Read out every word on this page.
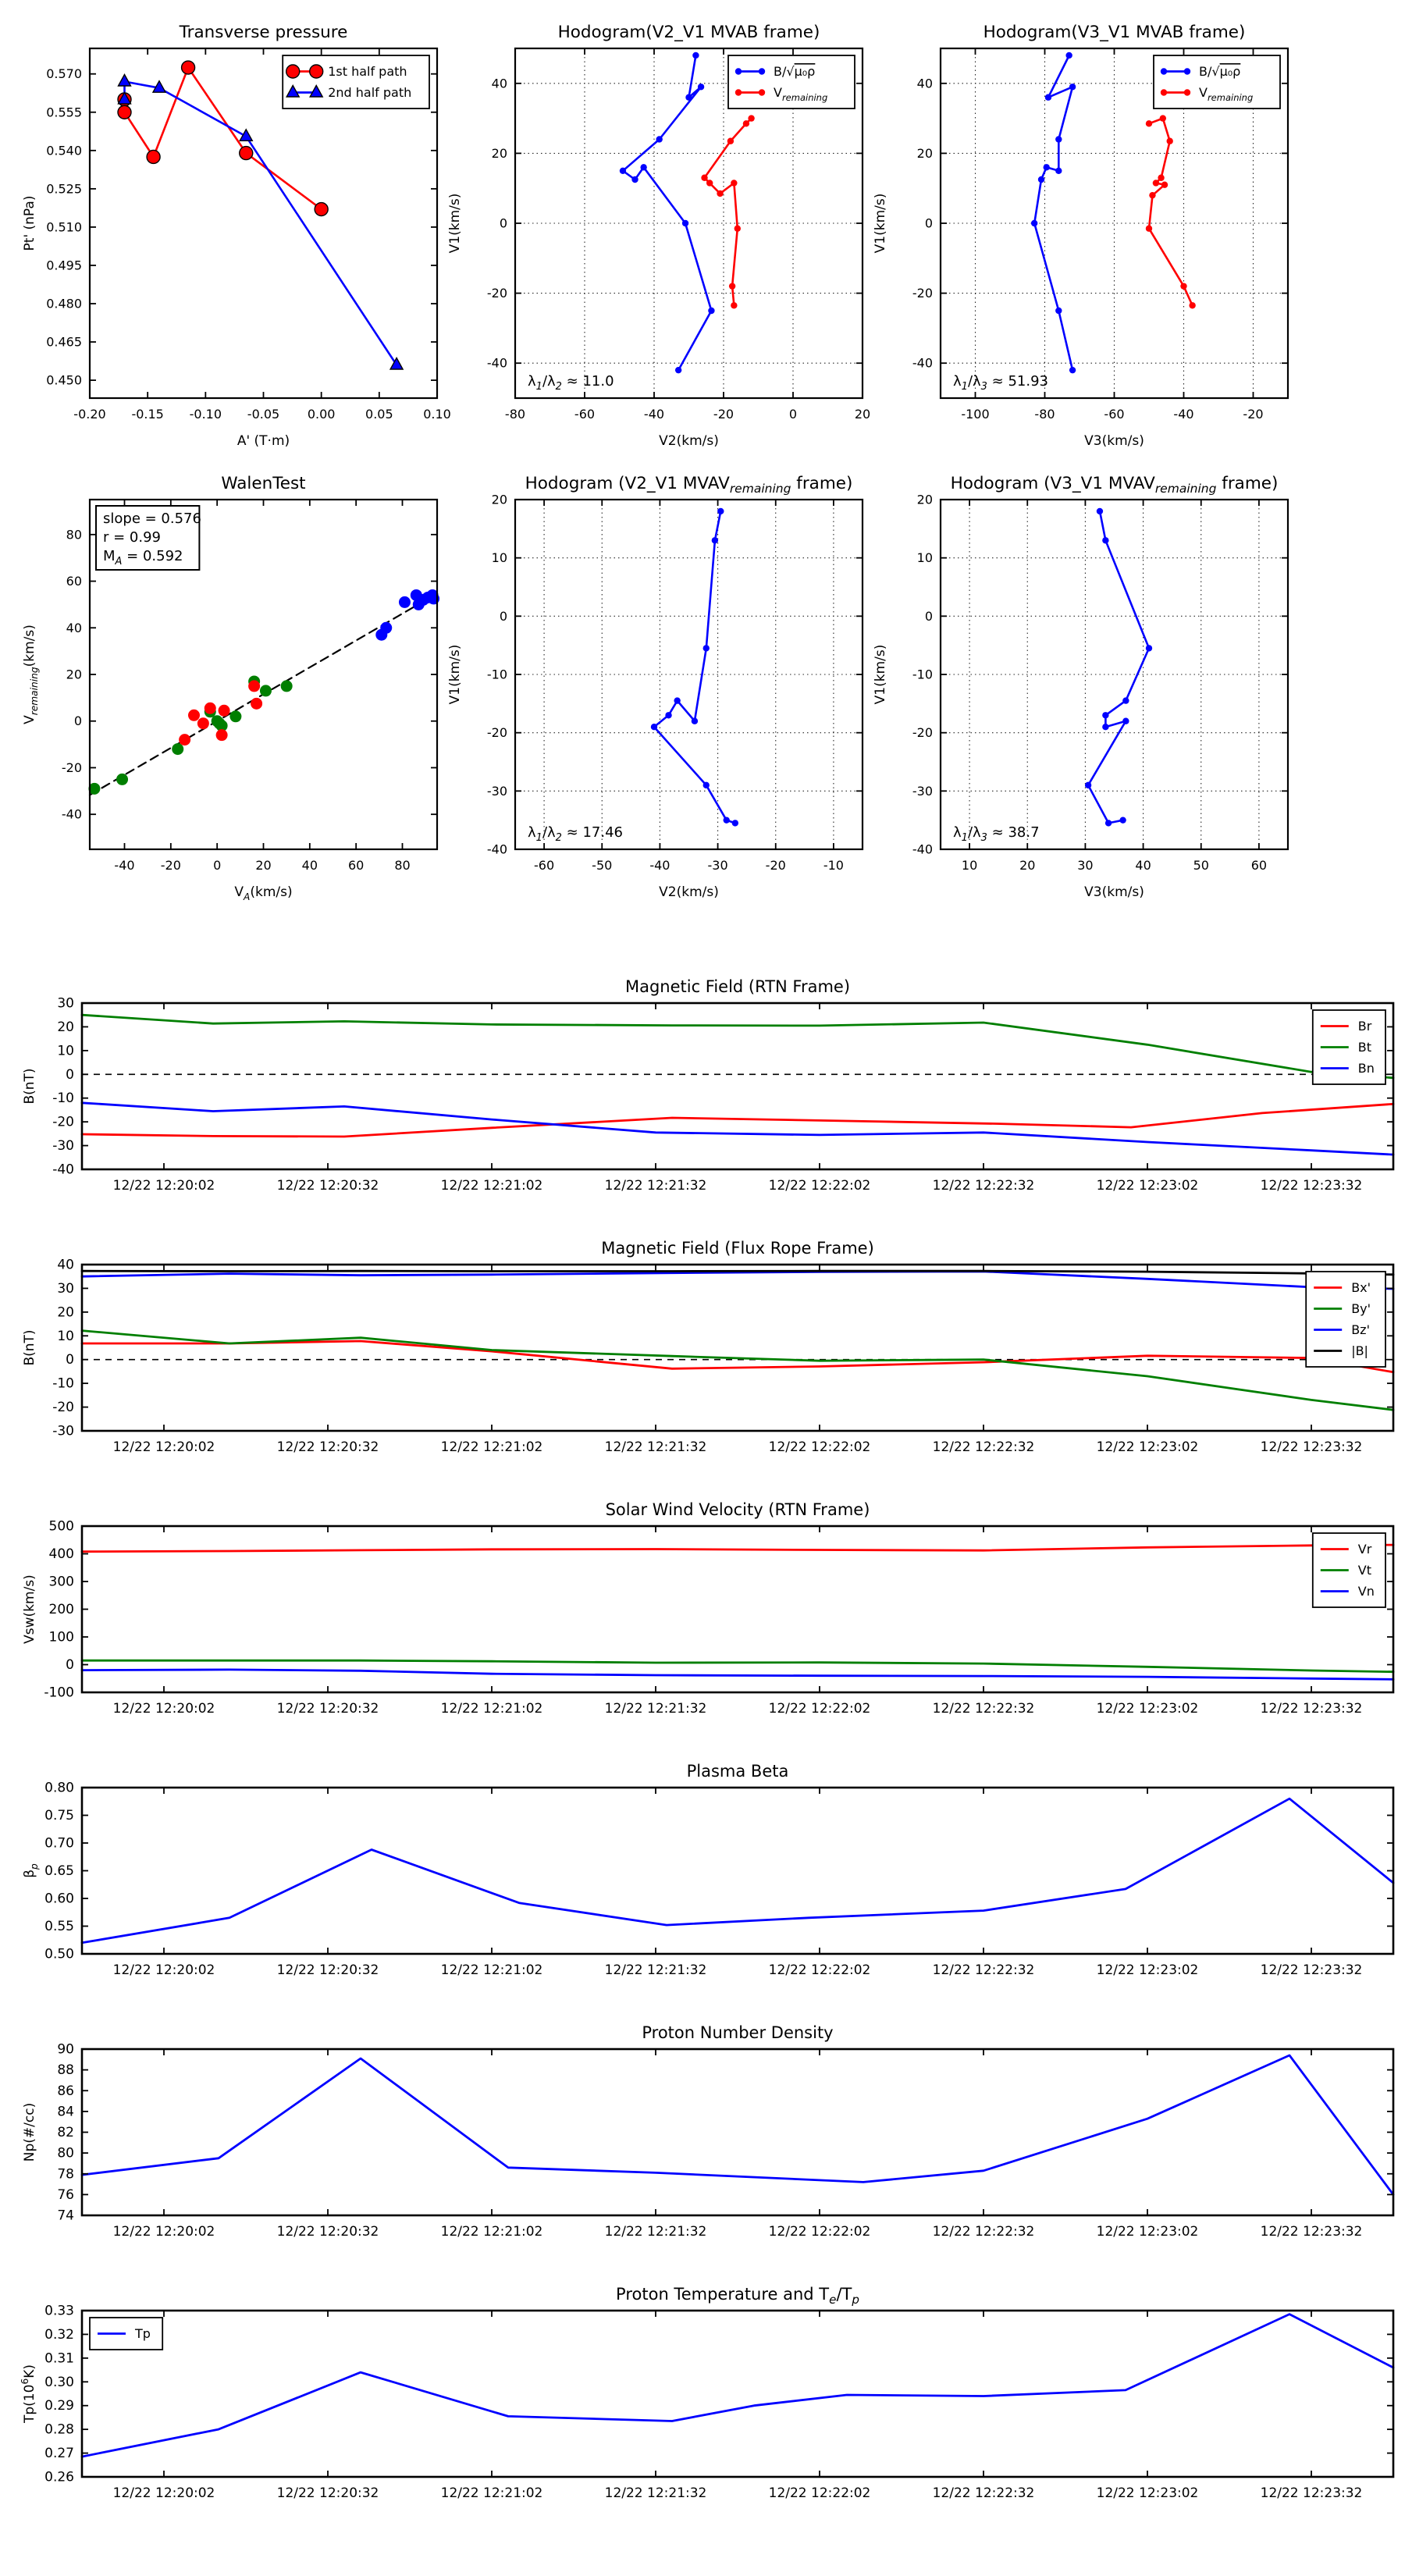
-0.20 -0.15 -0.10 -0.05 0.00 0.05 0.10
0.450
0.465
0.480
0.495
0.510
0.525
0.540
0.555
0.570
Transverse pressure
A' (T·m)
Pt' (nPa)
1st half path
2nd half path
-80	-60	-40	-20	0	20
-40
-20
0
20
40
Hodogram(V2_V1 MVAB frame)
V2(km/s)
V1(km/s)
B/√μ₀ρ
$V_{remaining}$
$\lambda_1/\lambda_2 \approx 11.0$
-100	-80	-60	-40	-20
-40
-20
0
20
40
Hodogram(V3_V1 MVAB frame)
V3(km/s)
V1(km/s)
B/√μ₀ρ
$V_{remaining}$
$\lambda_1/\lambda_3 \approx 51.93$
-40 -20	0	20 40 60 80
-40
-20
0
20
40
60
80
WalenTest
$V_A(km/s)$
$V_{remaining}(km/s)$
slope = 0.576
r = 0.99
$M_A = 0.592$
-60	-50	-40	-30	-20	-10
-40
-30
-20
-10
0
10
20
Hodogram (V2_V1 $MVAV_{remaining}$ frame)
V2(km/s)
V1(km/s)
$\lambda_1/\lambda_2 \approx 17.46$
10	20	30	40	50	60
-40
-30
-20
-10
0
10
20
Hodogram (V3_V1 $MVAV_{remaining}$ frame)
V3(km/s)
V1(km/s)
$\lambda_1/\lambda_3 \approx 38.7$
12/22 12:20:02	12/22 12:20:32	12/22 12:21:02	12/22 12:21:32	12/22 12:22:02	12/22 12:22:32	12/22 12:23:02	12/22 12:23:32
-40
-30
-20
-10
0
10
20
30
Magnetic Field (RTN Frame)
B(nT)
Br
Bt
Bn
12/22 12:20:02	12/22 12:20:32	12/22 12:21:02	12/22 12:21:32	12/22 12:22:02	12/22 12:22:32	12/22 12:23:02	12/22 12:23:32
-30
-20
-10
0
10
20
30
40
Magnetic Field (Flux Rope Frame)
B(nT)
Bx'
By'
Bz'
|B|
12/22 12:20:02	12/22 12:20:32	12/22 12:21:02	12/22 12:21:32	12/22 12:22:02	12/22 12:22:32	12/22 12:23:02	12/22 12:23:32
-100
0
100
200
300
400
500
Solar Wind Velocity (RTN Frame)
Vsw(km/s)
Vr
Vt
Vn
12/22 12:20:02	12/22 12:20:32	12/22 12:21:02	12/22 12:21:32	12/22 12:22:02	12/22 12:22:32	12/22 12:23:02	12/22 12:23:32
0.50
0.55
0.60
0.65
0.70
0.75
0.80
Plasma Beta
$\beta_p$
12/22 12:20:02	12/22 12:20:32	12/22 12:21:02	12/22 12:21:32	12/22 12:22:02	12/22 12:22:32	12/22 12:23:02	12/22 12:23:32
74
76
78
80
82
84
86
88
90
Proton Number Density
Np(#/cc)
12/22 12:20:02	12/22 12:20:32	12/22 12:21:02	12/22 12:21:32	12/22 12:22:02	12/22 12:22:32	12/22 12:23:02	12/22 12:23:32
0.26
0.27
0.28
0.29
0.30
0.31
0.32
0.33
Proton Temperature and $T_e/T_p$
$Tp(10^6K)$
Tp
